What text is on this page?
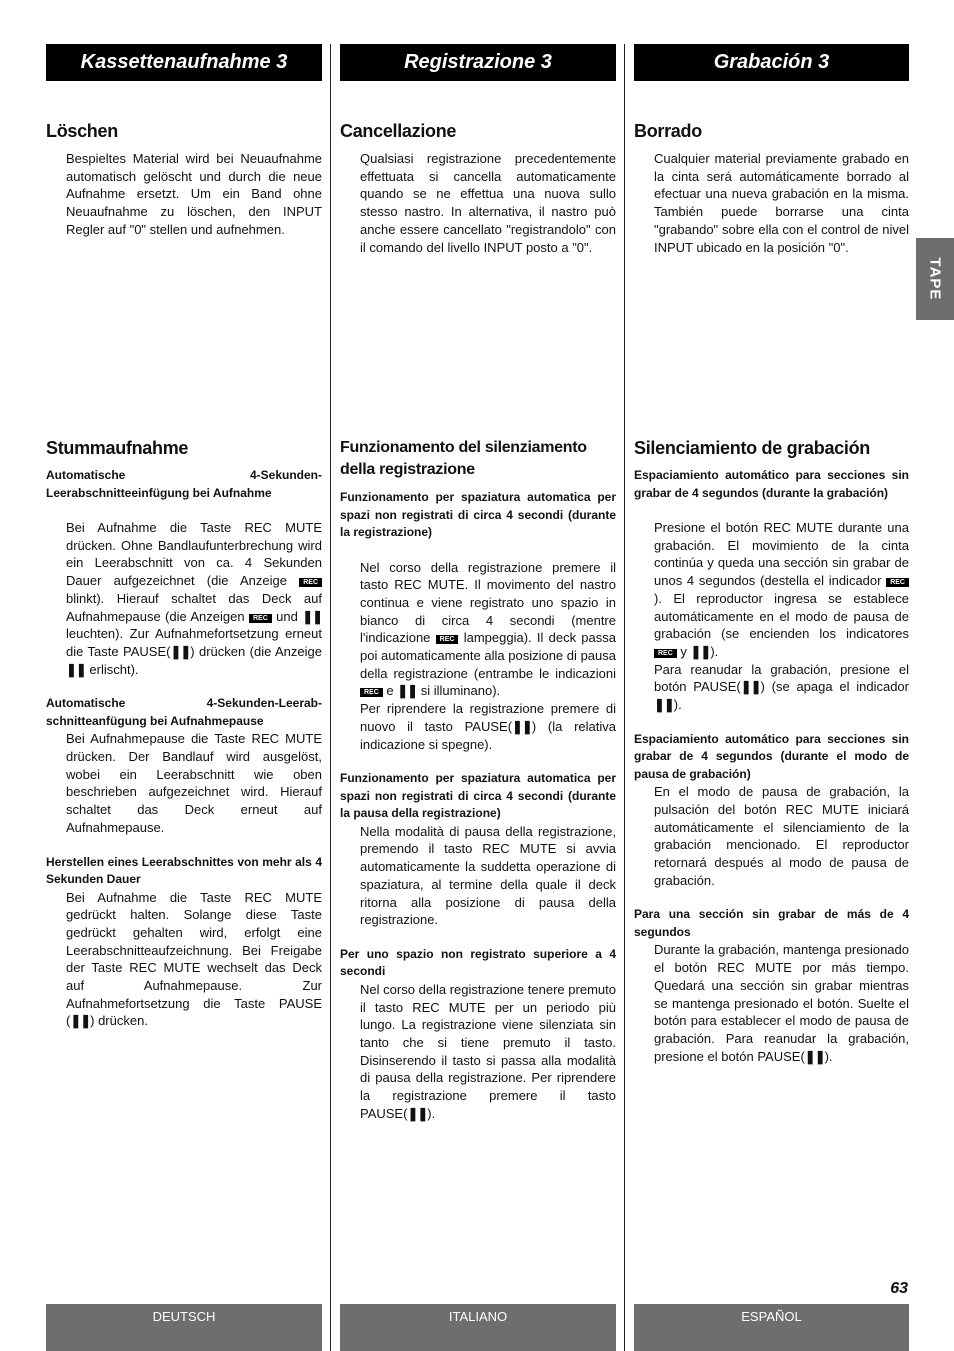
Kassettenaufnahme 3
Löschen

Bespieltes Material wird bei Neuaufnahme automatisch gelöscht und durch die neue Aufnahme ersetzt. Um ein Band ohne Neuaufnahme zu löschen, den INPUT Regler auf "0" stellen und aufnehmen.

Stummaufnahme

Automatische 4-Sekunden-Leerabschnitteeinfügung bei Aufnahme

Bei Aufnahme die Taste REC MUTE drücken. Ohne Bandlaufunterbrechung wird ein Leerabschnitt von ca. 4 Sekunden Dauer aufgezeichnet (die Anzeige REC blinkt). Hierauf schaltet das Deck auf Aufnahmepause (die Anzeigen REC und ❚❚ leuchten). Zur Aufnahmefortsetzung erneut die Taste PAUSE(❚❚) drücken (die Anzeige ❚❚ erlischt).

Automatische 4-Sekunden-Leerab-schnitteanfügung bei Aufnahmepause

Bei Aufnahmepause die Taste REC MUTE drücken. Der Bandlauf wird ausgelöst, wobei ein Leerabschnitt wie oben beschrieben aufgezeichnet wird. Hierauf schaltet das Deck erneut auf Aufnahmepause.

Herstellen eines Leerabschnittes von mehr als 4 Sekunden Dauer

Bei Aufnahme die Taste REC MUTE gedrückt halten. Solange diese Taste gedrückt gehalten wird, erfolgt eine Leerabschnitteaufzeichnung. Bei Freigabe der Taste REC MUTE wechselt das Deck auf Aufnahmepause. Zur Aufnahmefortsetzung die Taste PAUSE (❚❚) drücken.

Registrazione 3
Cancellazione

Qualsiasi registrazione precedentemente effettuata si cancella automaticamente quando se ne effettua una nuova sullo stesso nastro. In alternativa, il nastro può anche essere cancellato "registrandolo" con il comando del livello INPUT posto a "0".

Funzionamento del silenziamento della registrazione

Funzionamento per spaziatura automatica per spazi non registrati di circa 4 secondi (durante la registrazione)

Nel corso della registrazione premere il tasto REC MUTE. Il movimento del nastro continua e viene registrato uno spazio in bianco di circa 4 secondi (mentre l'indicazione REC lampeggia). Il deck passa poi automaticamente alla posizione di pausa della registrazione (entrambe le indicazioni REC e ❚❚ si illuminano).

Per riprendere la registrazione premere di nuovo il tasto PAUSE(❚❚) (la relativa indicazione si spegne).

Funzionamento per spaziatura automatica per spazi non registrati di circa 4 secondi (durante la pausa della registrazione)

Nella modalità di pausa della registrazione, premendo il tasto REC MUTE si avvia automaticamente la suddetta operazione di spaziatura, al termine della quale il deck ritorna alla posizione di pausa della registrazione.

Per uno spazio non registrato superiore a 4 secondi

Nel corso della registrazione tenere premuto il tasto REC MUTE per un periodo più lungo. La registrazione viene silenziata sin tanto che si tiene premuto il tasto. Disinserendo il tasto si passa alla modalità di pausa della registrazione. Per riprendere la registrazione premere il tasto PAUSE(❚❚).

Grabación 3
Borrado

Cualquier material previamente grabado en la cinta será automáticamente borrado al efectuar una nueva grabación en la misma. También puede borrarse una cinta "grabando" sobre ella con el control de nivel INPUT ubicado en la posición "0".

Silenciamiento de grabación

Espaciamiento automático para secciones sin grabar de 4 segundos (durante la grabación)

Presione el botón REC MUTE durante una grabación. El movimiento de la cinta continúa y queda una sección sin grabar de unos 4 segundos (destella el indicador REC). El reproductor ingresa se establece automáticamente en el modo de pausa de grabación (se encienden los indicatores REC y ❚❚).

Para reanudar la grabación, presione el botón PAUSE(❚❚) (se apaga el indicador ❚❚).

Espaciamiento automático para secciones sin grabar de 4 segundos (durante el modo de pausa de grabación)

En el modo de pausa de grabación, la pulsación del botón REC MUTE iniciará automáticamente el silenciamiento de la grabación mencionado. El reproductor retornará después al modo de pausa de grabación.

Para una sección sin grabar de más de 4 segundos

Durante la grabación, mantenga presionado el botón REC MUTE por más tiempo. Quedará una sección sin grabar mientras se mantenga presionado el botón. Suelte el botón para establecer el modo de pausa de grabación. Para reanudar la grabación, presione el botón PAUSE(❚❚).

TAPE
63
DEUTSCH	ITALIANO	ESPAÑOL
